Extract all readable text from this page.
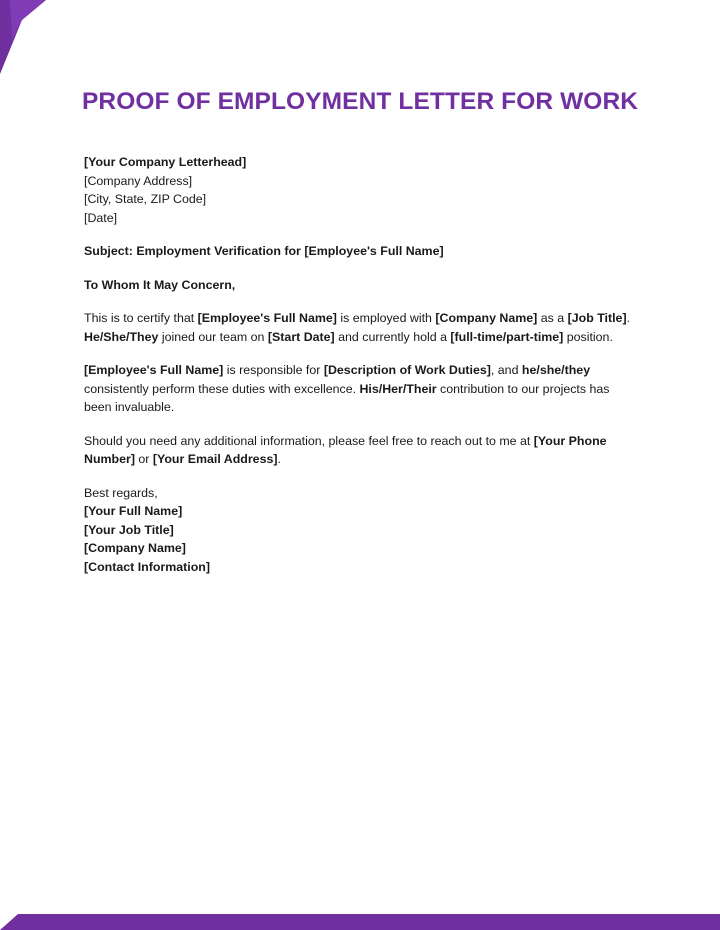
PROOF OF EMPLOYMENT LETTER FOR WORK

[Your Company Letterhead]
[Company Address]
[City, State, ZIP Code]
[Date]

Subject: Employment Verification for [Employee's Full Name]

To Whom It May Concern,

This is to certify that [Employee's Full Name] is employed with [Company Name] as a [Job Title]. He/She/They joined our team on [Start Date] and currently hold a [full-time/part-time] position.

[Employee's Full Name] is responsible for [Description of Work Duties], and he/she/they consistently perform these duties with excellence. His/Her/Their contribution to our projects has been invaluable.

Should you need any additional information, please feel free to reach out to me at [Your Phone Number] or [Your Email Address].

Best regards,
[Your Full Name]
[Your Job Title]
[Company Name]
[Contact Information]
